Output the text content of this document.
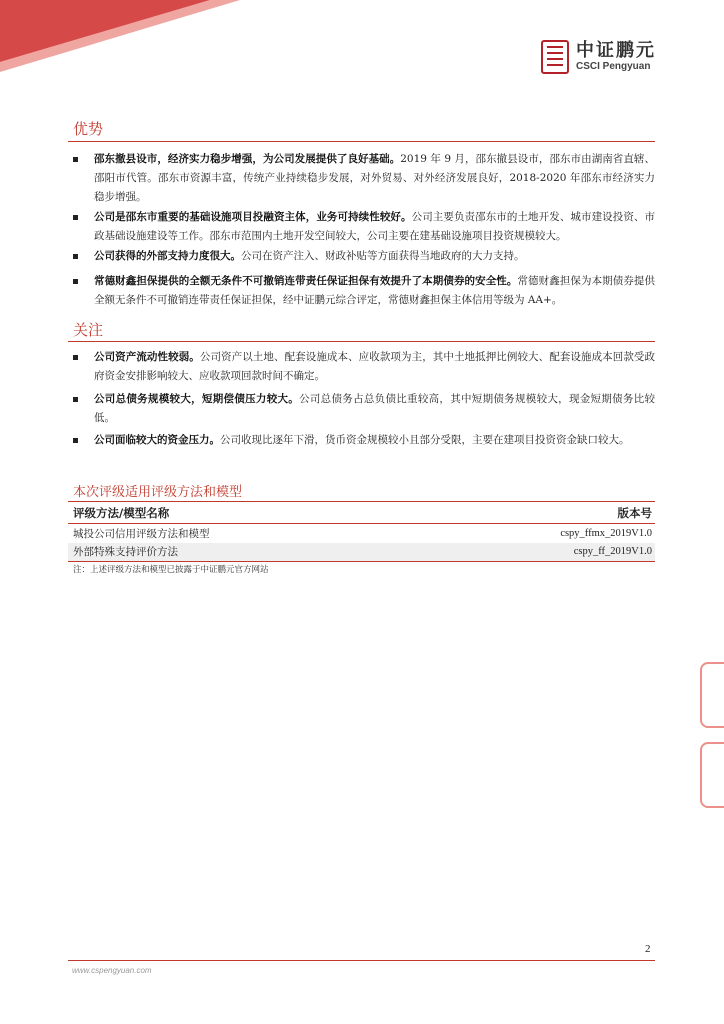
中证鹏元
CSCI Pengyuan
优势
邵东撤县设市，经济实力稳步增强，为公司发展提供了良好基础。2019 年 9 月，邵东撤县设市，邵东市由湖南省直辖、邵阳市代管。邵东市资源丰富，传统产业持续稳步发展，对外贸易、对外经济发展良好，2018-2020 年邵东市经济实力稳步增强。
公司是邵东市重要的基础设施项目投融资主体，业务可持续性较好。公司主要负责邵东市的土地开发、城市建设投资、市政基础设施建设等工作。邵东市范围内土地开发空间较大，公司主要在建基础设施项目投资规模较大。
公司获得的外部支持力度很大。公司在资产注入、财政补贴等方面获得当地政府的大力支持。
常德财鑫担保提供的全额无条件不可撤销连带责任保证担保有效提升了本期债券的安全性。常德财鑫担保为本期债券提供全额无条件不可撤销连带责任保证担保，经中证鹏元综合评定，常德财鑫担保主体信用等级为 AA+。
关注
公司资产流动性较弱。公司资产以土地、配套设施成本、应收款项为主，其中土地抵押比例较大、配套设施成本回款受政府资金安排影响较大、应收款项回款时间不确定。
公司总债务规模较大，短期偿债压力较大。公司总债务占总负债比重较高，其中短期债务规模较大，现金短期债务比较低。
公司面临较大的资金压力。公司收现比逐年下滑，货币资金规模较小且部分受限，主要在建项目投资资金缺口较大。
本次评级适用评级方法和模型
评级方法/模型名称	版本号
城投公司信用评级方法和模型	cspy_ffmx_2019V1.0
外部特殊支持评价方法	cspy_ff_2019V1.0
注：上述评级方法和模型已披露于中证鹏元官方网站
2
www.cspengyuan.com
